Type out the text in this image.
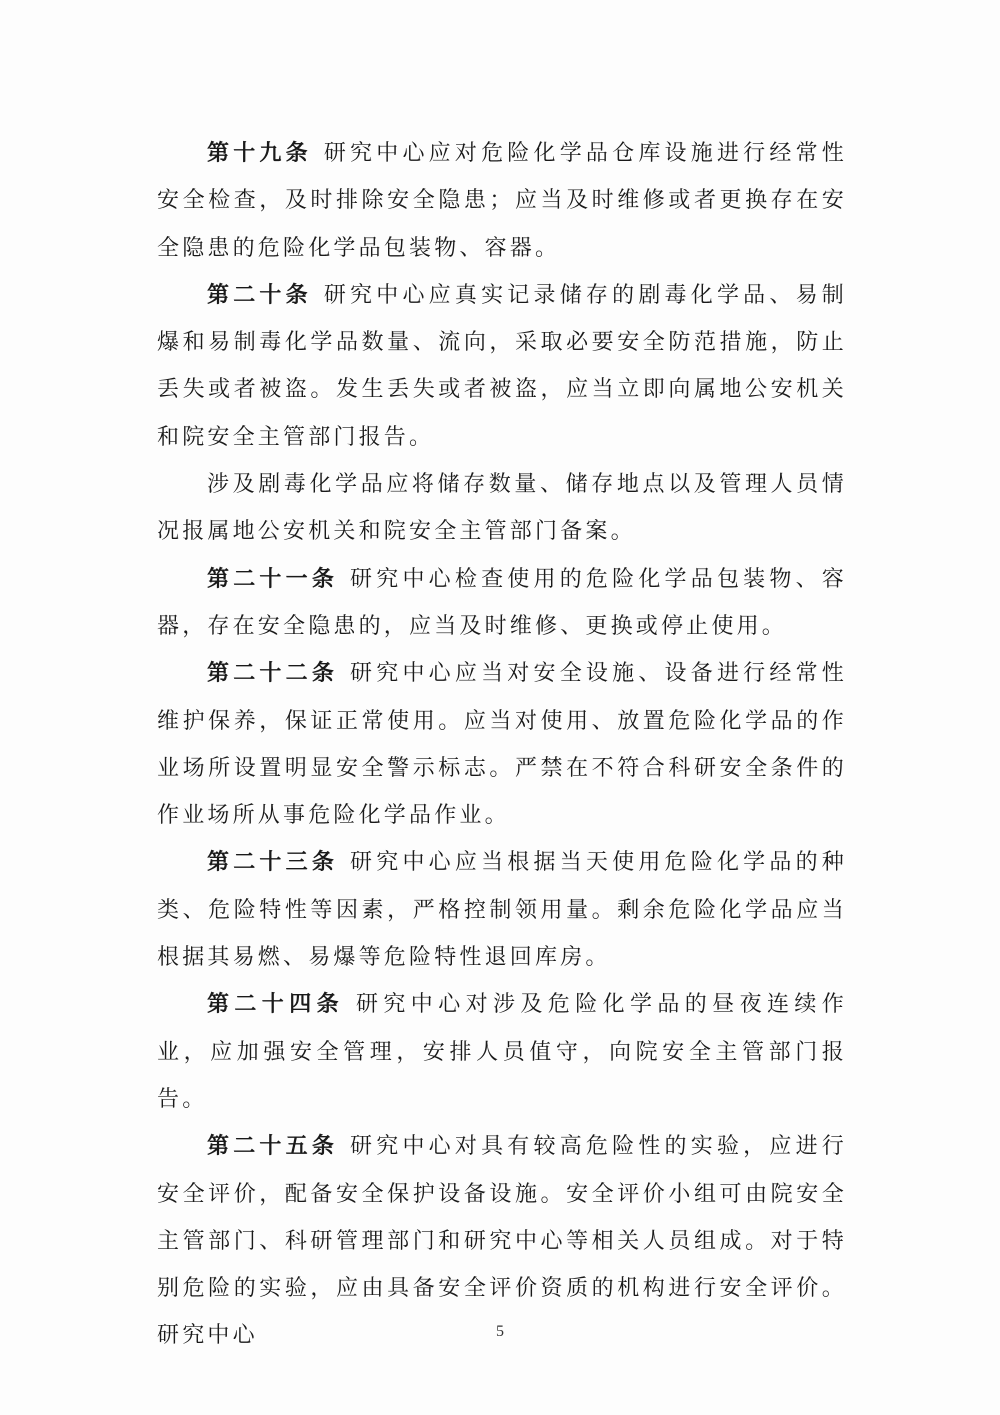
第十九条 研究中心应对危险化学品仓库设施进行经常性安全检查，及时排除安全隐患；应当及时维修或者更换存在安全隐患的危险化学品包装物、容器。

第二十条 研究中心应真实记录储存的剧毒化学品、易制爆和易制毒化学品数量、流向，采取必要安全防范措施，防止丢失或者被盗。发生丢失或者被盗，应当立即向属地公安机关和院安全主管部门报告。

涉及剧毒化学品应将储存数量、储存地点以及管理人员情况报属地公安机关和院安全主管部门备案。

第二十一条 研究中心检查使用的危险化学品包装物、容器，存在安全隐患的，应当及时维修、更换或停止使用。

第二十二条 研究中心应当对安全设施、设备进行经常性维护保养，保证正常使用。应当对使用、放置危险化学品的作业场所设置明显安全警示标志。严禁在不符合科研安全条件的作业场所从事危险化学品作业。

第二十三条 研究中心应当根据当天使用危险化学品的种类、危险特性等因素，严格控制领用量。剩余危险化学品应当根据其易燃、易爆等危险特性退回库房。

第二十四条 研究中心对涉及危险化学品的昼夜连续作业，应加强安全管理，安排人员值守，向院安全主管部门报告。

第二十五条 研究中心对具有较高危险性的实验，应进行安全评价，配备安全保护设备设施。安全评价小组可由院安全主管部门、科研管理部门和研究中心等相关人员组成。对于特别危险的实验，应由具备安全评价资质的机构进行安全评价。研究中心	5
